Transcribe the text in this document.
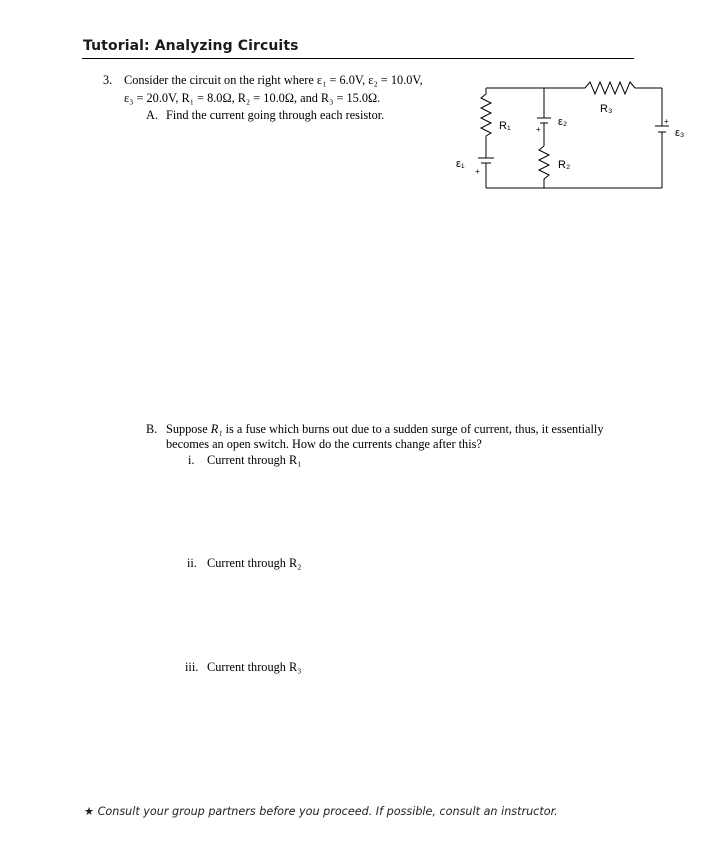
Tutorial: Analyzing Circuits
3. Consider the circuit on the right where ε₁ = 6.0V, ε₂ = 10.0V,
ε₃ = 20.0V, R₁ = 8.0Ω, R₂ = 10.0Ω, and R₃ = 15.0Ω.
A. Find the current going through each resistor.	R₃
R₁
R₂
ε₁
ε₂
ε₃
+
+
+
B. Suppose R₁ is a fuse which burns out due to a sudden surge of current, thus, it essentially
becomes an open switch. How do the currents change after this?
i. Current through R₁
ii. Current through R₂
iii. Current through R₃
★ Consult your group partners before you proceed. If possible, consult an instructor.
